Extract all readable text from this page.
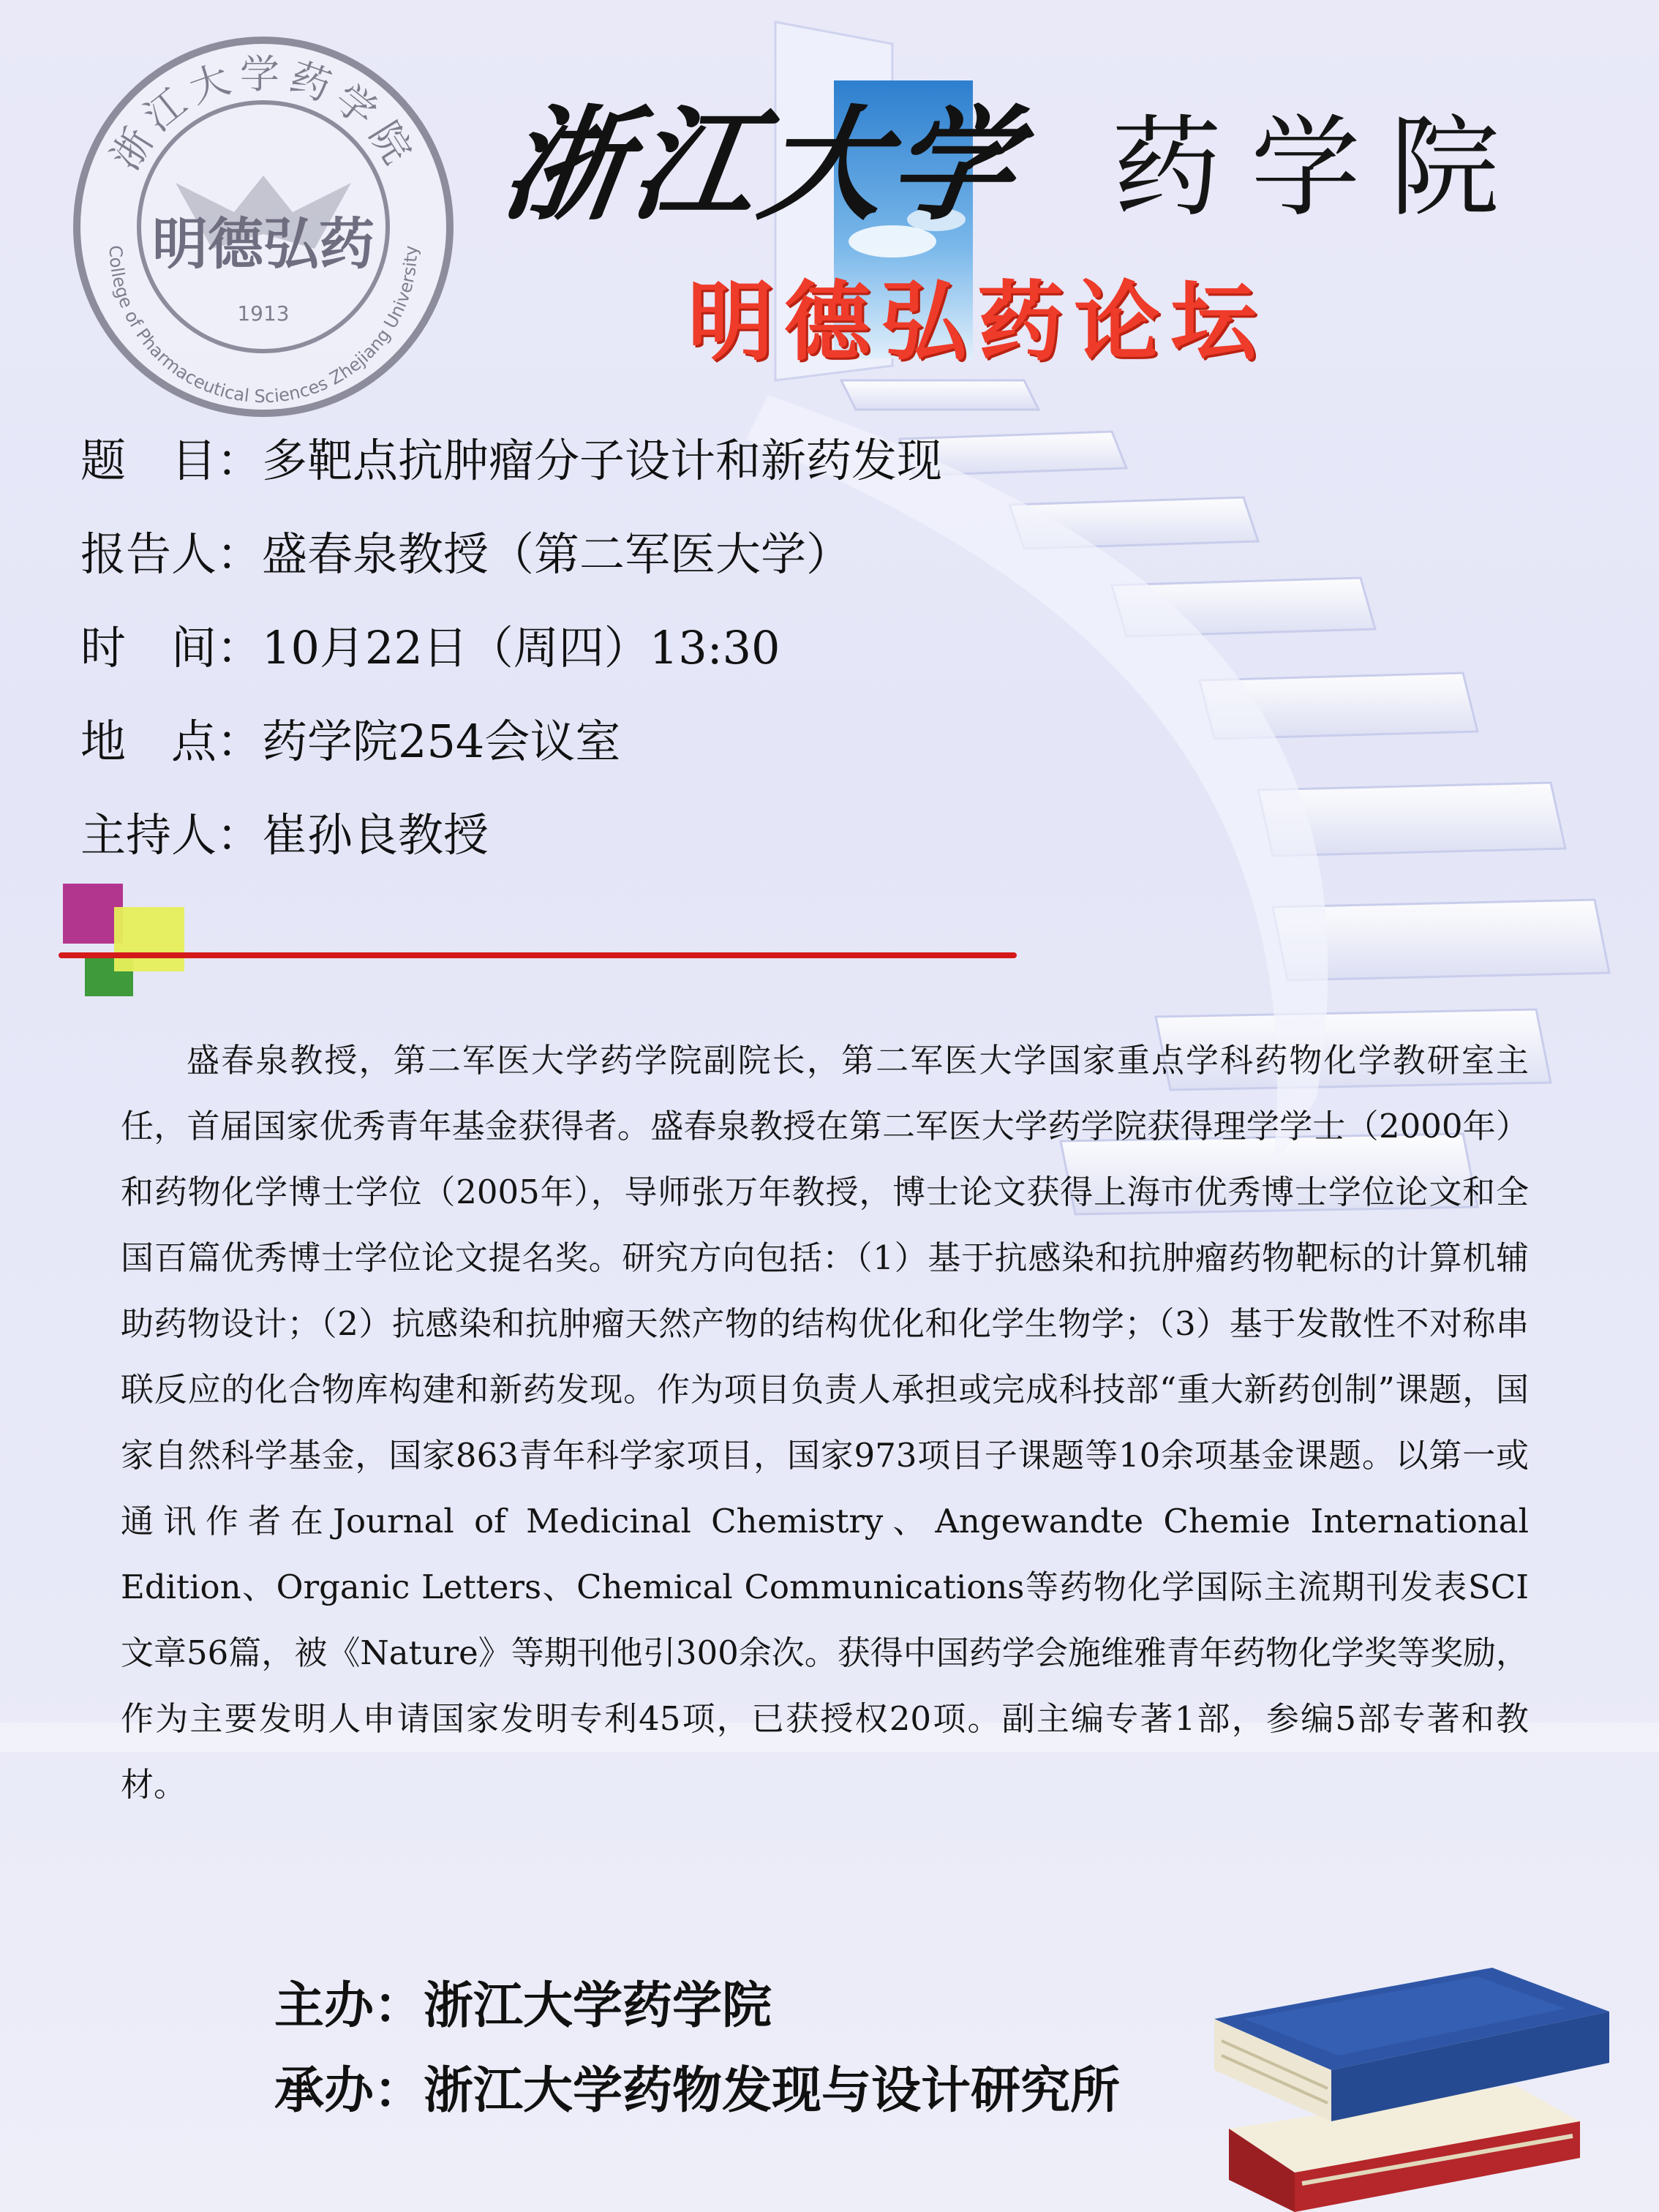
浙江大学药学院
College of Pharmaceutical Sciences Zhejiang University
明德弘药
1913
浙江大学 药学院
明德弘药论坛
题　目：多靶点抗肿瘤分子设计和新药发现
报告人：盛春泉教授（第二军医大学）
时　间：10月22日（周四）13:30
地　点：药学院254会议室
主持人：崔孙良教授

盛春泉教授，第二军医大学药学院副院长，第二军医大学国家重点学科药物化学教研室主任，首届国家优秀青年基金获得者。盛春泉教授在第二军医大学药学院获得理学学士（2000年）和药物化学博士学位（2005年），导师张万年教授，博士论文获得上海市优秀博士学位论文和全国百篇优秀博士学位论文提名奖。研究方向包括：（1）基于抗感染和抗肿瘤药物靶标的计算机辅助药物设计；（2）抗感染和抗肿瘤天然产物的结构优化和化学生物学；（3）基于发散性不对称串联反应的化合物库构建和新药发现。作为项目负责人承担或完成科技部“重大新药创制”课题，国家自然科学基金，国家863青年科学家项目，国家973项目子课题等10余项基金课题。以第一或通讯作者在Journal of Medicinal Chemistry、Angewandte Chemie International Edition、Organic Letters、Chemical Communications等药物化学国际主流期刊发表SCI文章56篇，被《Nature》等期刊他引300余次。获得中国药学会施维雅青年药物化学奖等奖励，作为主要发明人申请国家发明专利45项，已获授权20项。副主编专著1部，参编5部专著和教材。

主办：浙江大学药学院
承办：浙江大学药物发现与设计研究所
